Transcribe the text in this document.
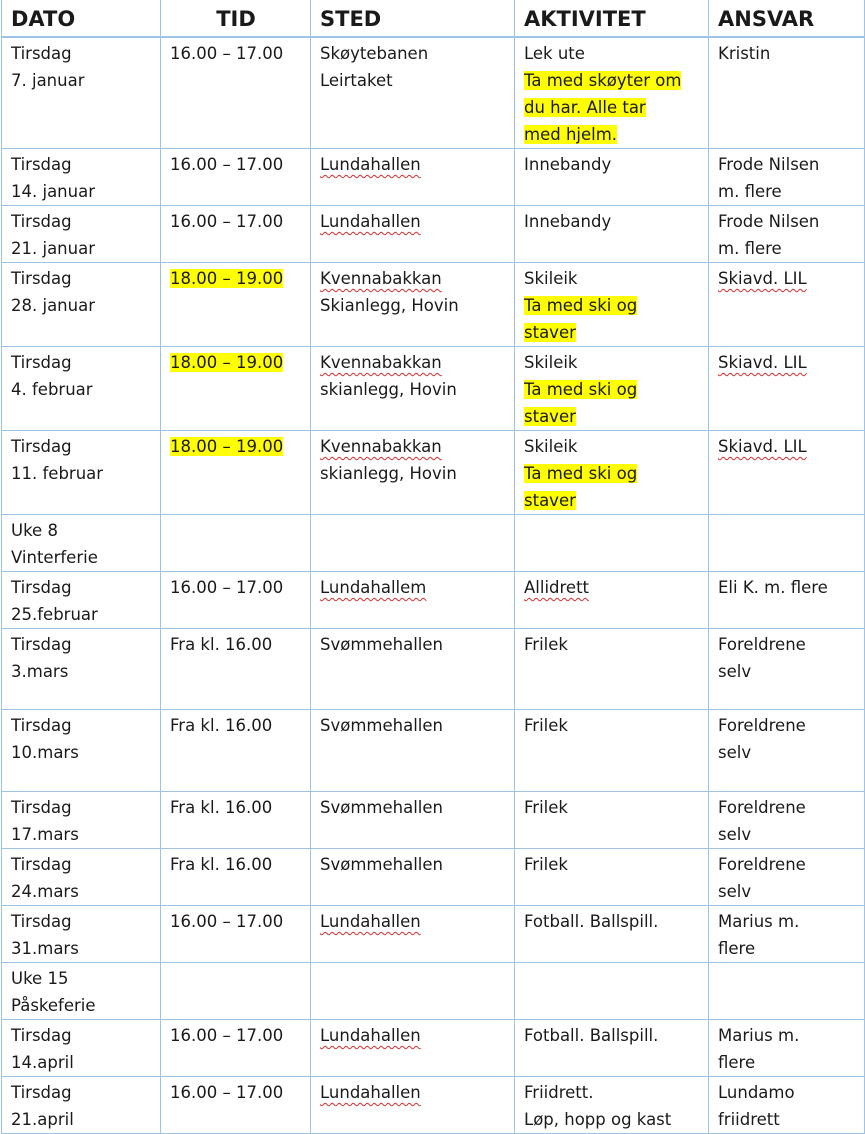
DATO	TID	STED	AKTIVITET	ANSVAR

Tirsdag
7. januar	16.00 – 17.00	Skøytebanen
Leirtaket	Lek ute
Ta med skøyter om
du har. Alle tar
med hjelm.	Kristin

Tirsdag
14. januar	16.00 – 17.00	Lundahallen	Innebandy	Frode Nilsen
m. flere

Tirsdag
21. januar	16.00 – 17.00	Lundahallen	Innebandy	Frode Nilsen
m. flere

Tirsdag
28. januar	18.00 – 19.00	Kvennabakkan
Skianlegg, Hovin	Skileik
Ta med ski og
staver	Skiavd. LIL

Tirsdag
4. februar	18.00 – 19.00	Kvennabakkan
skianlegg, Hovin	Skileik
Ta med ski og
staver	Skiavd. LIL

Tirsdag
11. februar	18.00 – 19.00	Kvennabakkan
skianlegg, Hovin	Skileik
Ta med ski og
staver	Skiavd. LIL

Uke 8
Vinterferie				

Tirsdag
25.februar	16.00 – 17.00	Lundahallem	Allidrett	Eli K. m. flere

Tirsdag
3.mars	Fra kl. 16.00	Svømmehallen	Frilek	Foreldrene
selv

Tirsdag
10.mars	Fra kl. 16.00	Svømmehallen	Frilek	Foreldrene
selv

Tirsdag
17.mars	Fra kl. 16.00	Svømmehallen	Frilek	Foreldrene
selv

Tirsdag
24.mars	Fra kl. 16.00	Svømmehallen	Frilek	Foreldrene
selv

Tirsdag
31.mars	16.00 – 17.00	Lundahallen	Fotball. Ballspill.	Marius m.
flere

Uke 15
Påskeferie				

Tirsdag
14.april	16.00 – 17.00	Lundahallen	Fotball. Ballspill.	Marius m.
flere

Tirsdag
21.april	16.00 – 17.00	Lundahallen	Friidrett.
Løp, hopp og kast	Lundamo
friidrett
